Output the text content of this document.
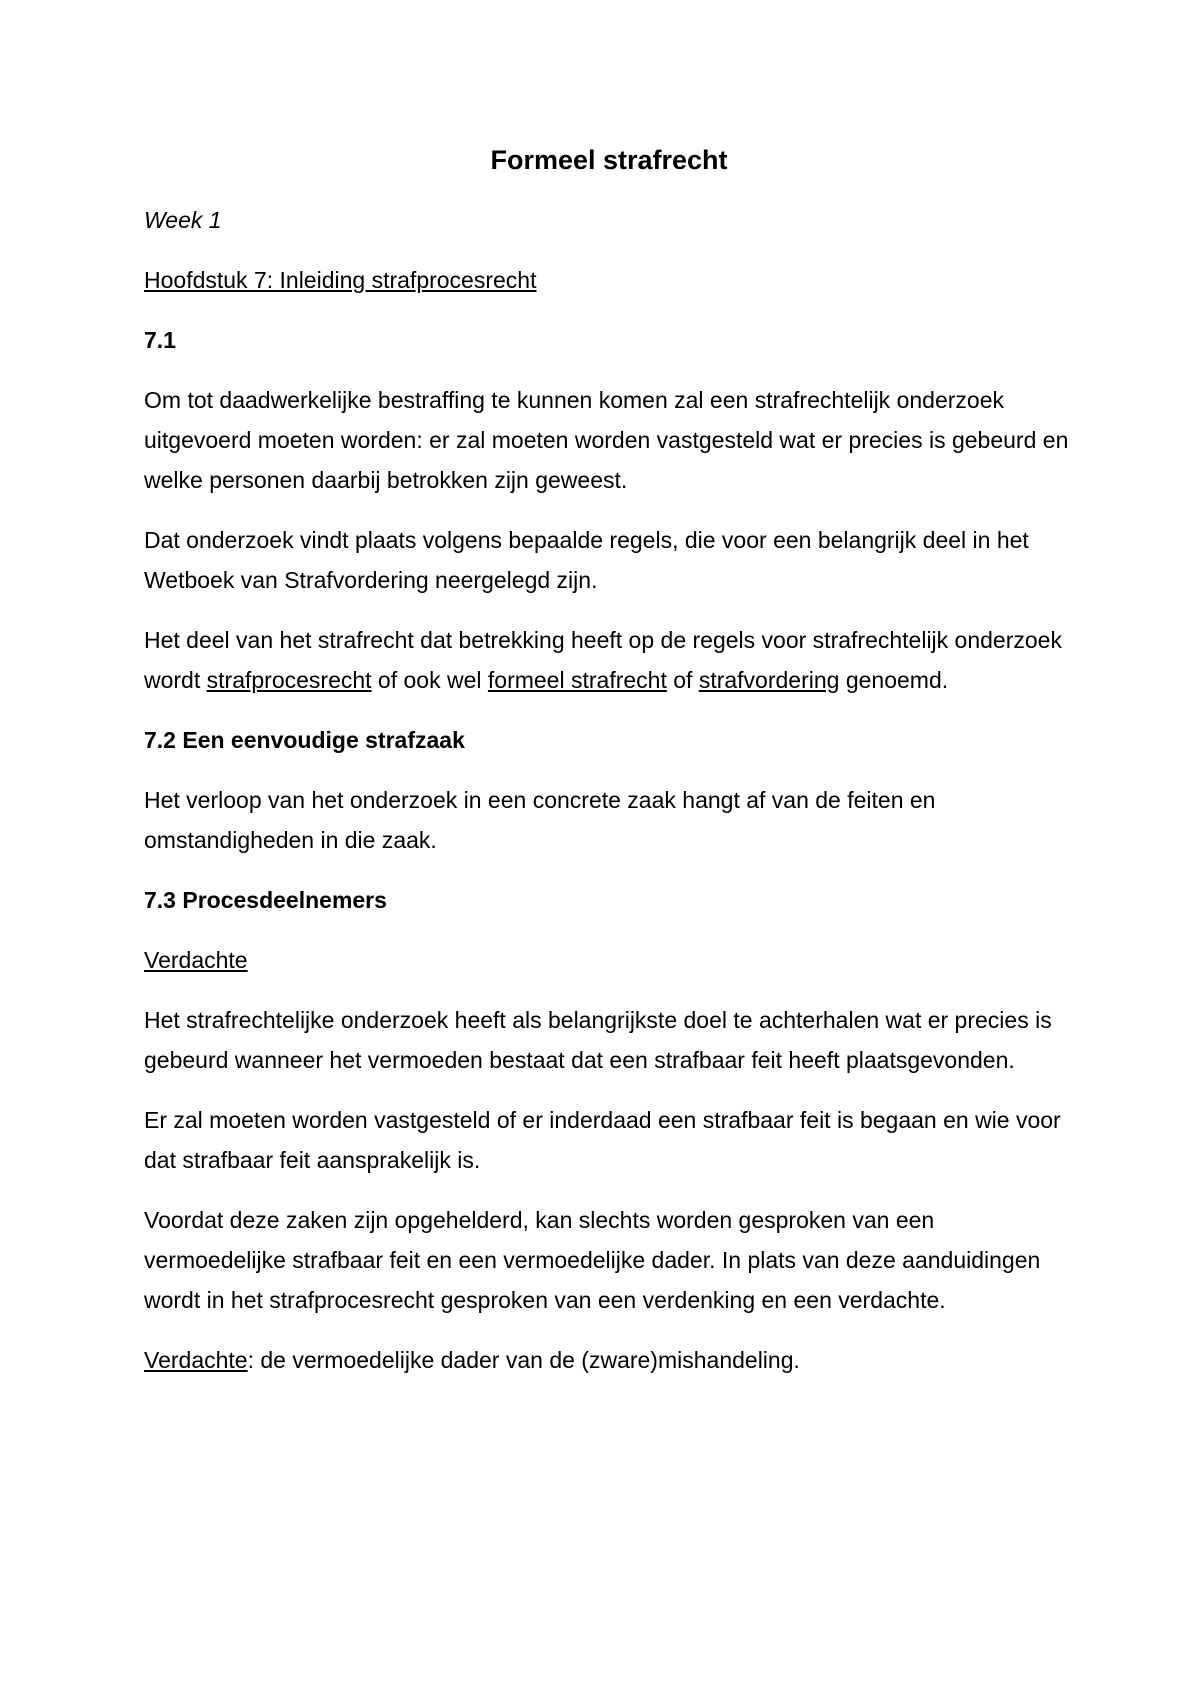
Formeel strafrecht
Week 1
Hoofdstuk 7: Inleiding strafprocesrecht
7.1

Om tot daadwerkelijke bestraffing te kunnen komen zal een strafrechtelijk onderzoek uitgevoerd moeten worden: er zal moeten worden vastgesteld wat er precies is gebeurd en welke personen daarbij betrokken zijn geweest.

Dat onderzoek vindt plaats volgens bepaalde regels, die voor een belangrijk deel in het Wetboek van Strafvordering neergelegd zijn.

Het deel van het strafrecht dat betrekking heeft op de regels voor strafrechtelijk onderzoek wordt strafprocesrecht of ook wel formeel strafrecht of strafvordering genoemd.

7.2 Een eenvoudige strafzaak

Het verloop van het onderzoek in een concrete zaak hangt af van de feiten en omstandigheden in die zaak.

7.3 Procesdeelnemers
Verdachte

Het strafrechtelijke onderzoek heeft als belangrijkste doel te achterhalen wat er precies is gebeurd wanneer het vermoeden bestaat dat een strafbaar feit heeft plaatsgevonden.

Er zal moeten worden vastgesteld of er inderdaad een strafbaar feit is begaan en wie voor dat strafbaar feit aansprakelijk is.

Voordat deze zaken zijn opgehelderd, kan slechts worden gesproken van een vermoedelijke strafbaar feit en een vermoedelijke dader. In plats van deze aanduidingen wordt in het strafprocesrecht gesproken van een verdenking en een verdachte.

Verdachte: de vermoedelijke dader van de (zware)mishandeling.
